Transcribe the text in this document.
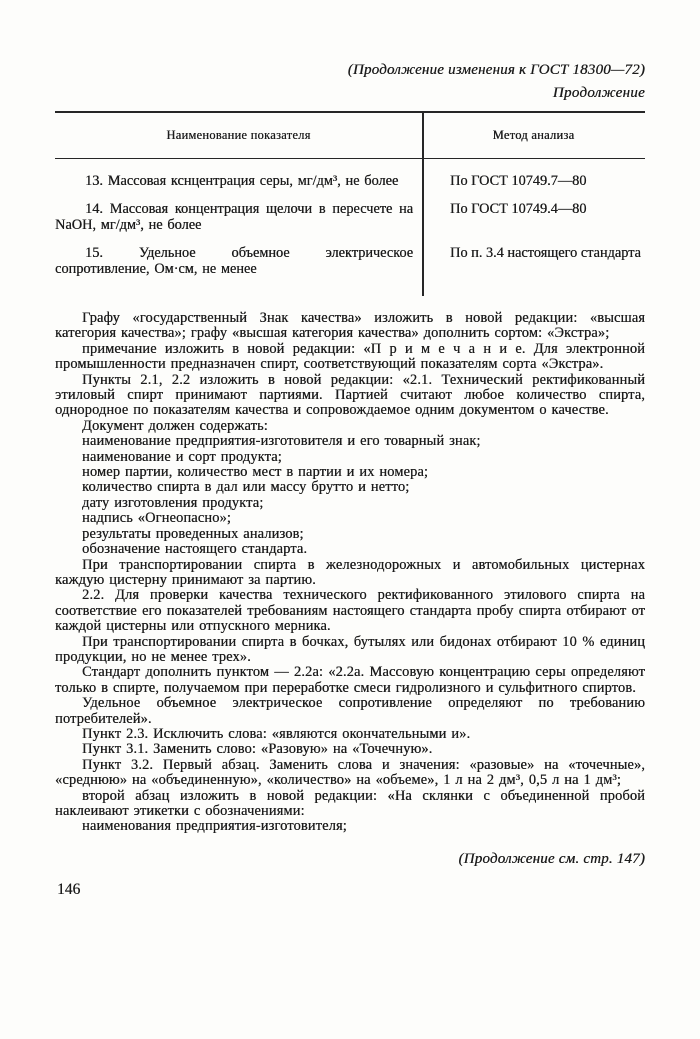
(Продолжение изменения к ГОСТ 18300—72)
Продолжение
Наименование показателя	Метод анализа
13. Массовая кснцентрация серы, мг/дм³, не более	По ГОСТ 10749.7—80
14. Массовая концентрация щелочи в пересчете на NaOH, мг/дм³, не более
По ГОСТ 10749.4—80
15. Удельное объемное электрическое сопротивление, Ом·см, не менее
По п. 3.4 настоящего стандарта

Графу «государственный Знак качества» изложить в новой редакции: «высшая категория качества»; графу «высшая категория качества» дополнить сортом: «Экстра»;

примечание изложить в новой редакции: «П р и м е ч а н и е. Для электронной промышленности предназначен спирт, соответствующий показателям сорта «Экстра».

Пункты 2.1, 2.2 изложить в новой редакции: «2.1. Технический ректификованный этиловый спирт принимают партиями. Партией считают любое количество спирта, однородное по показателям качества и сопровождаемое одним документом о качестве.

Документ должен содержать:

наименование предприятия-изготовителя и его товарный знак;

наименование и сорт продукта;

номер партии, количество мест в партии и их номера;

количество спирта в дал или массу брутто и нетто;

дату изготовления продукта;

надпись «Огнеопасно»;

результаты проведенных анализов;

обозначение настоящего стандарта.

При транспортировании спирта в железнодорожных и автомобильных цистернах каждую цистерну принимают за партию.

2.2. Для проверки качества технического ректификованного этилового спирта на соответствие его показателей требованиям настоящего стандарта пробу спирта отбирают от каждой цистерны или отпускного мерника.

При транспортировании спирта в бочках, бутылях или бидонах отбирают 10 % единиц продукции, но не менее трех».

Стандарт дополнить пунктом — 2.2а: «2.2а. Массовую концентрацию серы определяют только в спирте, получаемом при переработке смеси гидролизного и сульфитного спиртов.

Удельное объемное электрическое сопротивление определяют по требованию потребителей».

Пункт 2.3. Исключить слова: «являются окончательными и».

Пункт 3.1. Заменить слово: «Разовую» на «Точечную».

Пункт 3.2. Первый абзац. Заменить слова и значения: «разовые» на «точечные», «среднюю» на «объединенную», «количество» на «объеме», 1 л на 2 дм³, 0,5 л на 1 дм³;

второй абзац изложить в новой редакции: «На склянки с объединенной пробой наклеивают этикетки с обозначениями:

наименования предприятия-изготовителя;

(Продолжение см. стр. 147)
146
